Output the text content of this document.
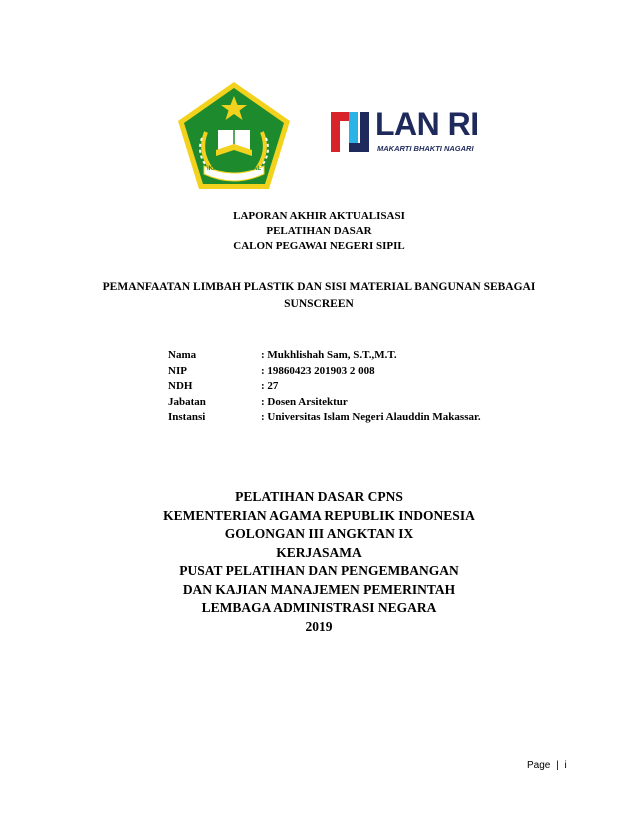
IKHLAS BERAMAL
LAN RI
MAKARTI BHAKTI NAGARI
LAPORAN AKHIR AKTUALISASI
PELATIHAN DASAR
CALON PEGAWAI NEGERI SIPIL
PEMANFAATAN LIMBAH PLASTIK DAN SISI MATERIAL BANGUNAN SEBAGAI
SUNSCREEN
Nama	: Mukhlishah Sam, S.T.,M.T.
NIP	: 19860423 201903 2 008
NDH	: 27
Jabatan	: Dosen Arsitektur
Instansi	: Universitas Islam Negeri Alauddin Makassar.
PELATIHAN DASAR CPNS
KEMENTERIAN AGAMA REPUBLIK INDONESIA
GOLONGAN III ANGKTAN IX
KERJASAMA
PUSAT PELATIHAN DAN PENGEMBANGAN
DAN KAJIAN MANAJEMEN PEMERINTAH
LEMBAGA ADMINISTRASI NEGARA
2019
Page | i
